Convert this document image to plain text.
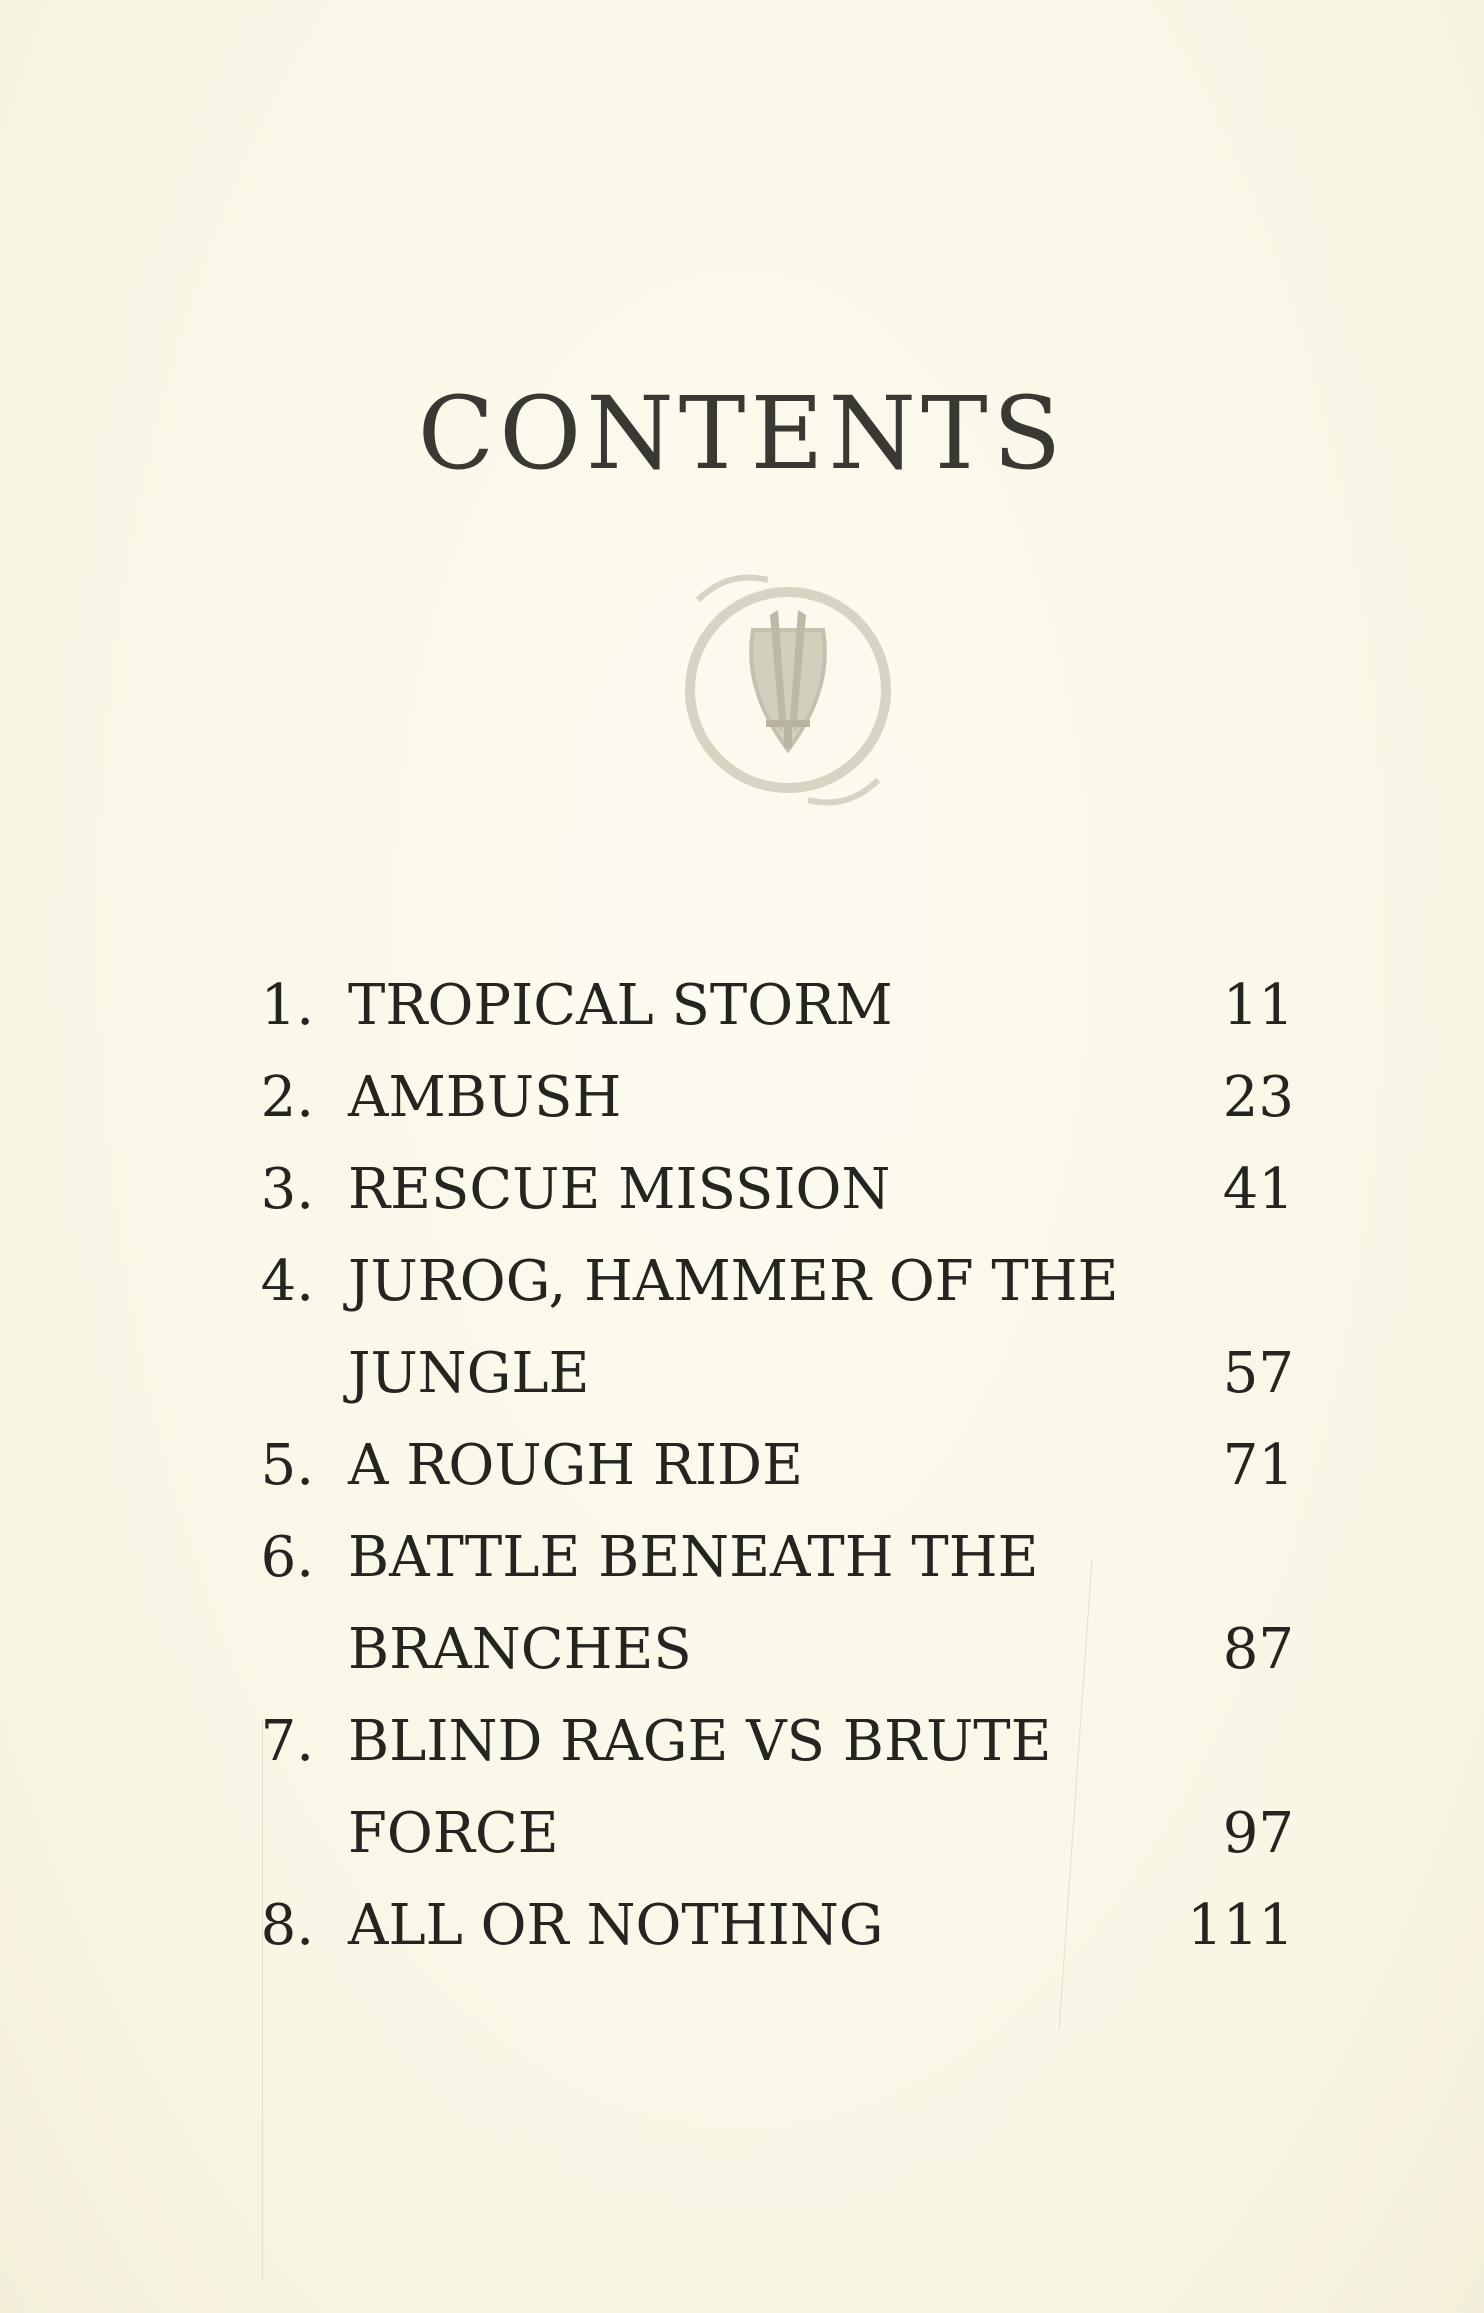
CONTENTS
1. TROPICAL STORM	11
2. AMBUSH	23
3. RESCUE MISSION	41
4. JUROG, HAMMER OF THE
JUNGLE	57
5. A ROUGH RIDE	71
6. BATTLE BENEATH THE
BRANCHES	87
7. BLIND RAGE VS BRUTE
FORCE	97
8. ALL OR NOTHING	111
